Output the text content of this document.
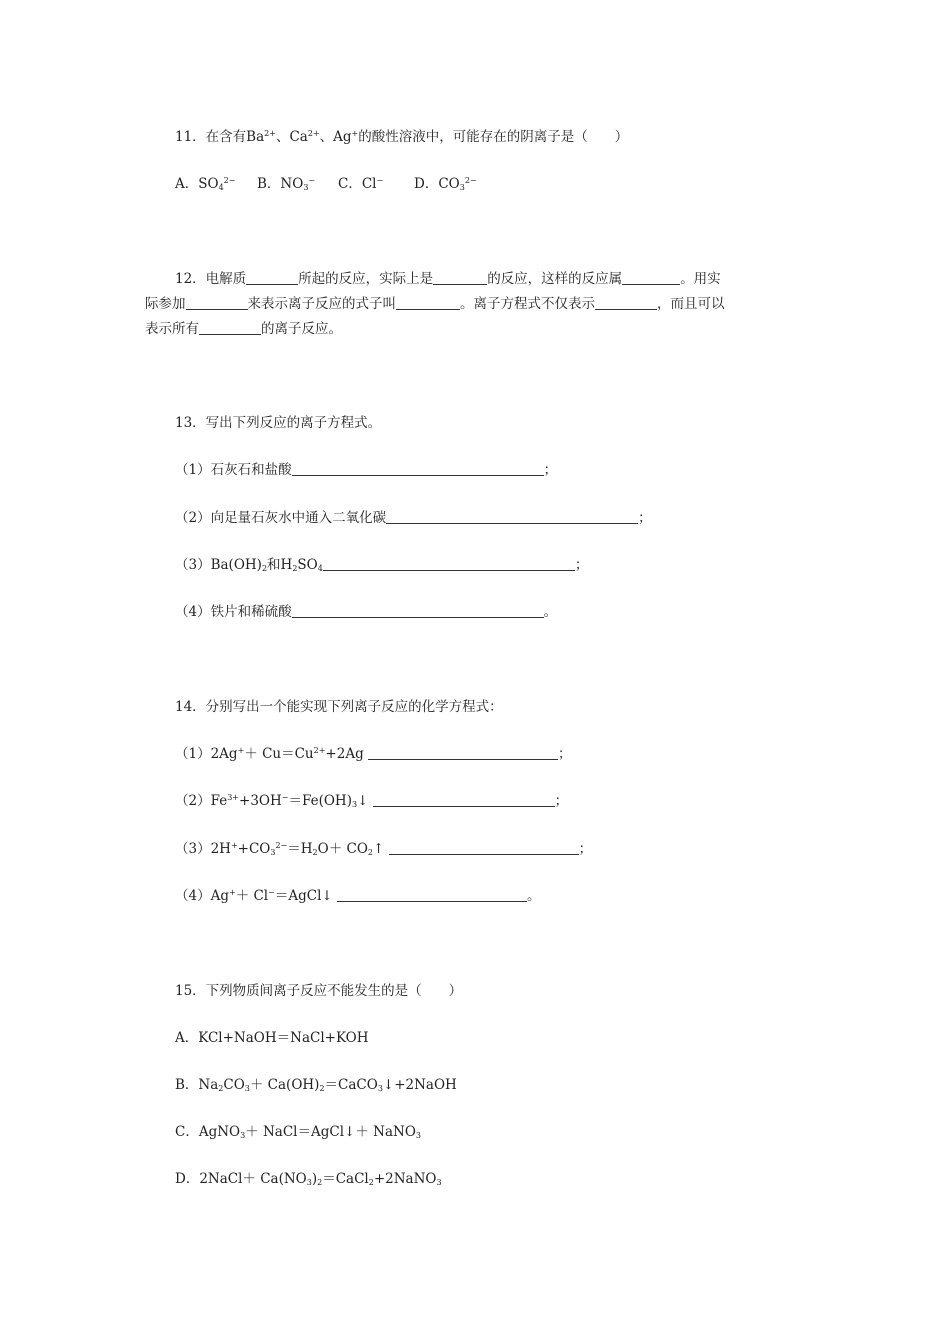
11．在含有$Ba^{2+}$、$Ca^{2+}$、Ag+的酸性溶液中，可能存在的阴离子是（　　）
A．$SO_4^{2-}$ B．$NO_3^-$ C．Cl− D．$CO_3^{2-}$
12．电解质	所起的反应，实际上是	的反应，这样的反应属	。用实
际参加	来表示离子反应的式子叫	。离子方程式不仅表示	，而且可以
表示所有	的离子反应。
13．写出下列反应的离子方程式。
（1）石灰石和盐酸	；
（2）向足量石灰水中通入二氧化碳	；
$(3)Ba(OH)_2$和$H_2SO_4$	；
（4）铁片和稀硫酸	。
14．分别写出一个能实现下列离子反应的化学方程式：
$(1)2Ag^++ Cu=Cu^{2+}+2Ag$	；
$(2)Fe^{3+}+3OH^-=Fe(OH)_3↓$	；
$(3)2H^++CO_3^{2-}=H_2O+$ $CO_2↑$	；
（4）Ag+＋ Cl−＝AgCl↓	。
15．下列物质间离子反应不能发生的是（　　）
A．KCl+NaOH＝NaCl+KOH
B．$Na_2CO_3+$ $Ca(OH)_2=CaCO_3↓+2NaOH$
C．AgNO$_3$＋ NaCl＝AgCl↓＋ NaNO$_3$
D．2NaCl＋ $Ca(NO_3)_2=CaCl_2+2NaNO_3$
